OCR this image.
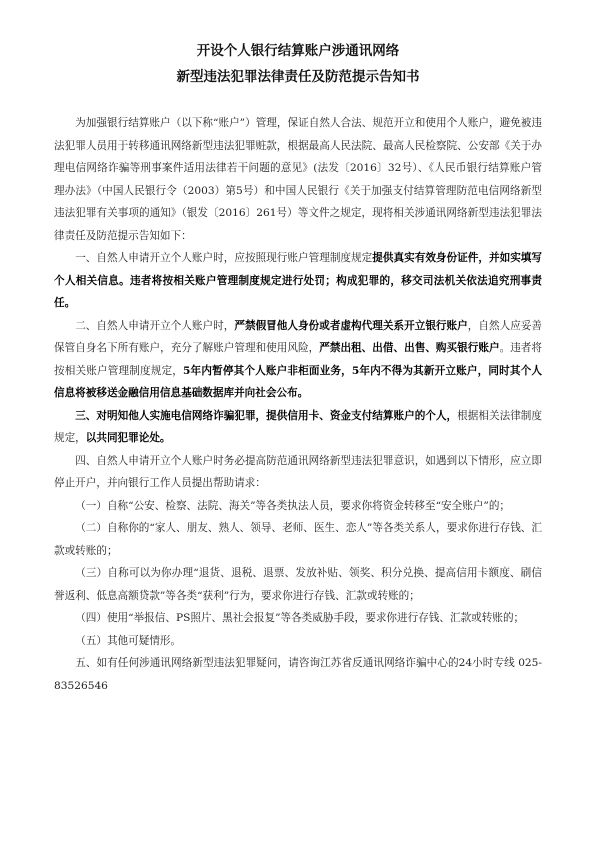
开设个人银行结算账户涉通讯网络
新型违法犯罪法律责任及防范提示告知书

为加强银行结算账户（以下称“账户”）管理，保证自然人合法、规范开立和使用个人账户，避免被违法犯罪人员用于转移通讯网络新型违法犯罪赃款，根据最高人民法院、最高人民检察院、公安部《关于办理电信网络诈骗等刑事案件适用法律若干问题的意见》(法发〔2016〕32号）、《人民币银行结算账户管理办法》（中国人民银行令（2003）第5号）和中国人民银行《关于加强支付结算管理防范电信网络新型违法犯罪有关事项的通知》（银发〔2016〕261号）等文件之规定，现将相关涉通讯网络新型违法犯罪法律责任及防范提示告知如下：

一、自然人申请开立个人账户时，应按照现行账户管理制度规定提供真实有效身份证件，并如实填写个人相关信息。违者将按相关账户管理制度规定进行处罚；构成犯罪的，移交司法机关依法追究刑事责任。

二、自然人申请开立个人账户时，严禁假冒他人身份或者虚构代理关系开立银行账户，自然人应妥善保管自身名下所有账户，充分了解账户管理和使用风险，严禁出租、出借、出售、购买银行账户。违者将按相关账户管理制度规定，5年内暂停其个人账户非柜面业务，5年内不得为其新开立账户，同时其个人信息将被移送金融信用信息基础数据库并向社会公布。

三、对明知他人实施电信网络诈骗犯罪，提供信用卡、资金支付结算账户的个人，根据相关法律制度规定，以共同犯罪论处。

四、自然人申请开立个人账户时务必提高防范通讯网络新型违法犯罪意识，如遇到以下情形，应立即停止开户，并向银行工作人员提出帮助请求：

（一）自称“公安、检察、法院、海关”等各类执法人员，要求你将资金转移至“安全账户”的；

（二）自称你的“家人、朋友、熟人、领导、老师、医生、恋人”等各类关系人，要求你进行存钱、汇款或转账的；

（三）自称可以为你办理“退货、退税、退票、发放补贴、领奖、积分兑换、提高信用卡额度、刷信誉返利、低息高额贷款”等各类“获利”行为，要求你进行存钱、汇款或转账的；

（四）使用“举报信、PS照片、黑社会报复”等各类威胁手段，要求你进行存钱、汇款或转账的；

（五）其他可疑情形。

五、如有任何涉通讯网络新型违法犯罪疑问，请咨询江苏省反通讯网络诈骗中心的24小时专线 025-83526546
